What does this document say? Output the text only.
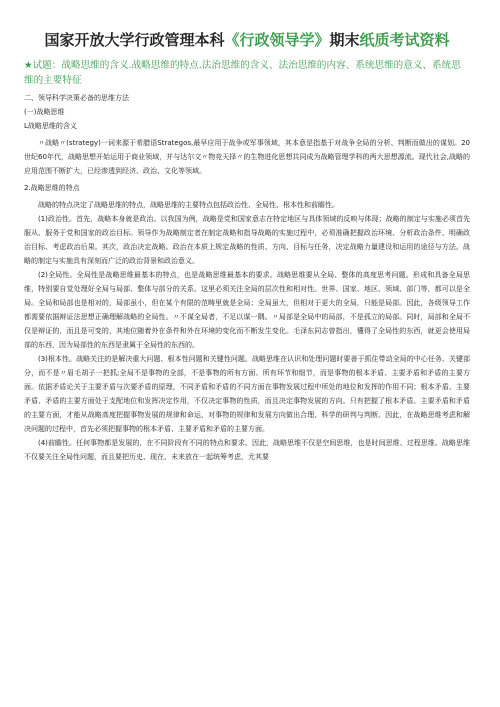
国家开放大学行政管理本科《行政领导学》期末纸质考试资料

★试题：战略思维的含义.战略思维的特点.法治思维的含义、法治思维的内容、系统思维的意义、系统思维的主要特征

二、领导科学决策必备的思维方法

(一)战略思维

L战略思维的含义

〃战略〃(strategy)一词来源于希腊语Strategos,最早应用于战争或军事领域，其本意是指基于对战争全局的分析、判断而做出的谋划。20世纪60年代，战略思想开始运用于商业领域，并与达尔文〃物竞天择〃的生物进化思想共同成为战略管理学科的两大思想源流。现代社会,战略的应用范围不断扩大，已经渗透到经济、政治、文化等领域。

2.战略思维的特点

战略的特点决定了战略思维的特点，战略思维的主要特点包括政治性、全局性、根本性和前瞻性。

(1)政治性。首先，战略本身就是政治。以我国为例，战略是党和国家意志在特定地区与具体领域的反映与体现；战略的制定与实施必须首先服从、服务于党和国家的政治目标。领导作为战略制定者在制定战略和指导战略的实施过程中，必须准确把握政治环境、分析政治条件、明确政治目标、考虑政治后果。其次，政治决定战略。政治在本质上规定战略的性质、方向、目标与任务，决定战略力量建设和运用的途径与方法。战略的制定与实施具有深刻而广泛的政治背景和政治意义。

(2)全局性。全局性是战略思维最基本的特点，也是战略思维最基本的要求。战略思维要从全局、整体的高度思考问题。形成和具备全局思维，特别要自觉处理好全局与局部、整体与部分的关系。这里必须关注全局的层次性和相对性。世界、国家、地区、领域、部门等，都可以是全局。全局和局部也是相对的，局部虽小，但在某个有限的范畴里就是全局；全局虽大，但相对于更大的全局，只能是局部。因此，各级领导工作都需要依据辩证法思想正确理解战略的全局性。〃不谋全局者，不足以谋一隅。〃局部是全局中的局部，不是孤立的局部。同时，局部和全局不仅是辩证的，而且是可变的，其地位随着外在条件和外在环境的变化而不断发生变化。毛泽东同志曾指出，懂得了全局性的东西，就更会使用局部的东西，因为局部性的东西是隶属于全局性的东西的。

(3)根本性。战略关注的是解决重大问题、根本性问题和关键性问题。战略思维在认识和处理问题时要善于抓住带动全局的中心任务、关键部分，而不是〃眉毛胡子一把抓;全局不是事物的全部，不是事物的所有方面、所有环节和细节，而是事物的根本矛盾、主要矛盾和矛盾的主要方面。依据矛盾论关于主要矛盾与次要矛盾的原理，不同矛盾和矛盾的不同方面在事物发展过程中所处的地位和发挥的作用不同；根本矛盾、主要矛盾、矛盾的主要方面处于支配地位和发挥决定作用，不仅决定事物的性质，而且决定事物发展的方向。只有把握了根本矛盾、主要矛盾和矛盾的主要方面，才能从战略高度把握事物发展的规律和命运，对事物的规律和发展方向做出合理、科学的研判与判断。因此，在战略思维考虑和解决问题的过程中，首先必须把握事物的根本矛盾、主要矛盾和矛盾的主要方面。

(4)前瞻性。任何事物都是发展的，在不同阶段有不同的特点和要求。因此，战略思维不仅是空间思维，也是时间思维、过程思维。战略思维不仅要关注全局性问题，而且要把历史、现在、未来放在一起统筹考虑，尤其要
